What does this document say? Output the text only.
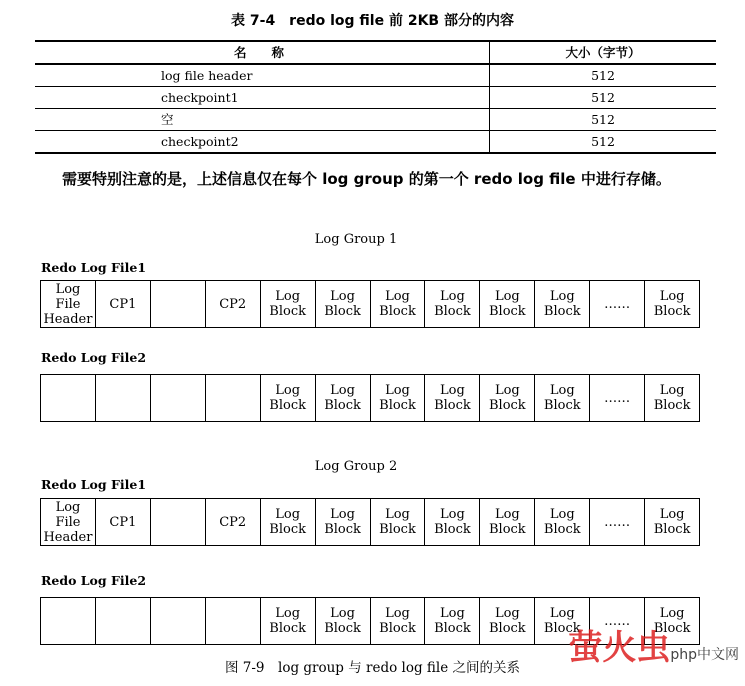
表 7-4　redo log file 前 2KB 部分的内容
名　　称	大小（字节）
log file header	512
checkpoint1	512
空	512
checkpoint2	512
需要特别注意的是，上述信息仅在每个 log group 的第一个 redo log file 中进行存储。
Log Group 1
Redo Log File1
Log File
Header
CP1	CP2	Log
Block
Log
Block
Log
Block
Log
Block
Log
Block
Log
Block	……	Log
Block
Redo Log File2
Log
Block
Log
Block
Log
Block
Log
Block
Log
Block
Log
Block	……	Log
Block
Log Group 2
Redo Log File1
Log File
Header
CP1	CP2	Log
Block
Log
Block
Log
Block
Log
Block
Log
Block
Log
Block	……	Log
Block
Redo Log File2
Log
Block
Log
Block
Log
Block
Log
Block
Log
Block
Log
Block	……	Log
Block
图 7-9　log group 与 redo log file 之间的关系	萤火虫php中文网
